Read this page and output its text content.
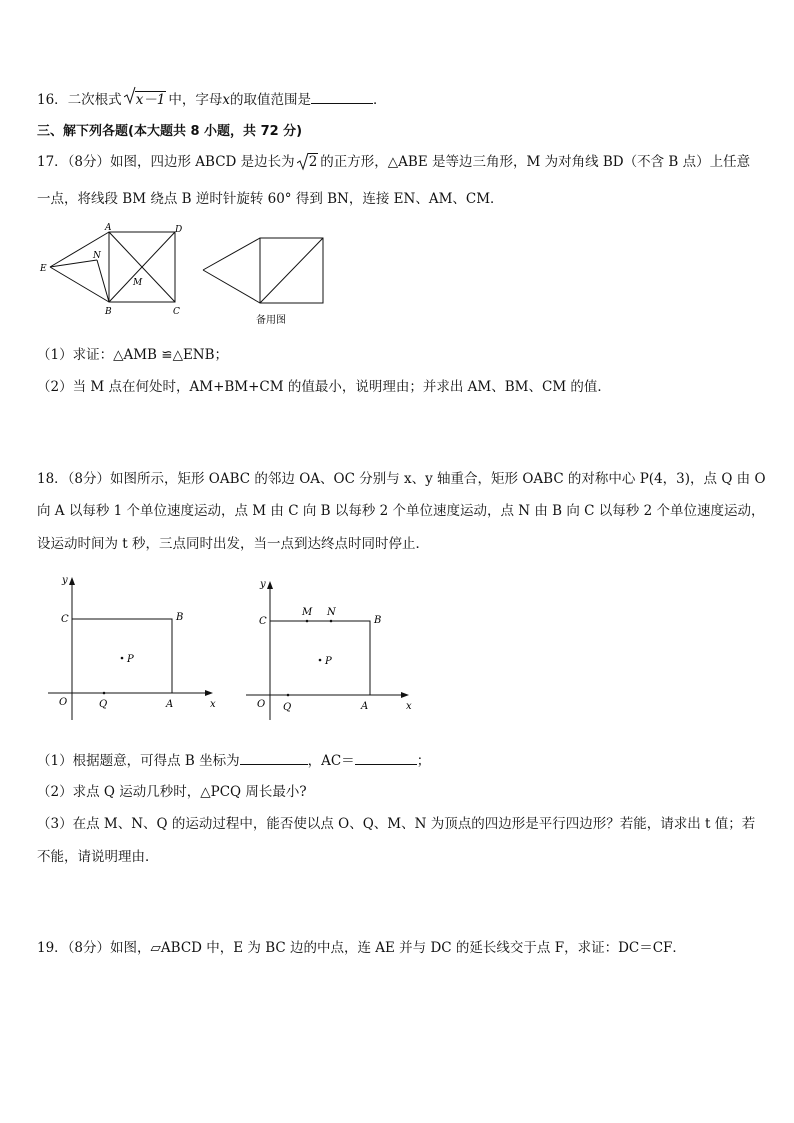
16．二次根式 x－1 中，字母x的取值范围是	．
三、解下列各题(本大题共 8 小题，共 72 分)
17．（8分）如图，四边形 ABCD 是边长为 2 的正方形，△ABE 是等边三角形，M 为对角线 BD（不含 B 点）上任意
一点，将线段 BM 绕点 B 逆时针旋转 60° 得到 BN，连接 EN、AM、CM．
A	D
E
N
M
B	C
备用图
（1）求证：△AMB ≌△ENB；
（2）当 M 点在何处时，AM+BM+CM 的值最小，说明理由；并求出 AM、BM、CM 的值．
18．（8分）如图所示，矩形 OABC 的邻边 OA、OC 分别与 x、y 轴重合，矩形 OABC 的对称中心 P(4，3)，点 Q 由 O
向 A 以每秒 1 个单位速度运动，点 M 由 C 向 B 以每秒 2 个单位速度运动，点 N 由 B 向 C 以每秒 2 个单位速度运动，
设运动时间为 t 秒，三点同时出发，当一点到达终点时同时停止．
y
x
C	B
O	Q	A
P
y
x
C	B
O Q	A
P
M N
（1）根据题意，可得点 B 坐标为	，AC＝	；
（2）求点 Q 运动几秒时，△PCQ 周长最小?
（3）在点 M、N、Q 的运动过程中，能否使以点 O、Q、M、N 为顶点的四边形是平行四边形？若能，请求出 t 值；若
不能，请说明理由．
19．（8分）如图，▱ABCD 中，E 为 BC 边的中点，连 AE 并与 DC 的延长线交于点 F，求证：DC＝CF．
